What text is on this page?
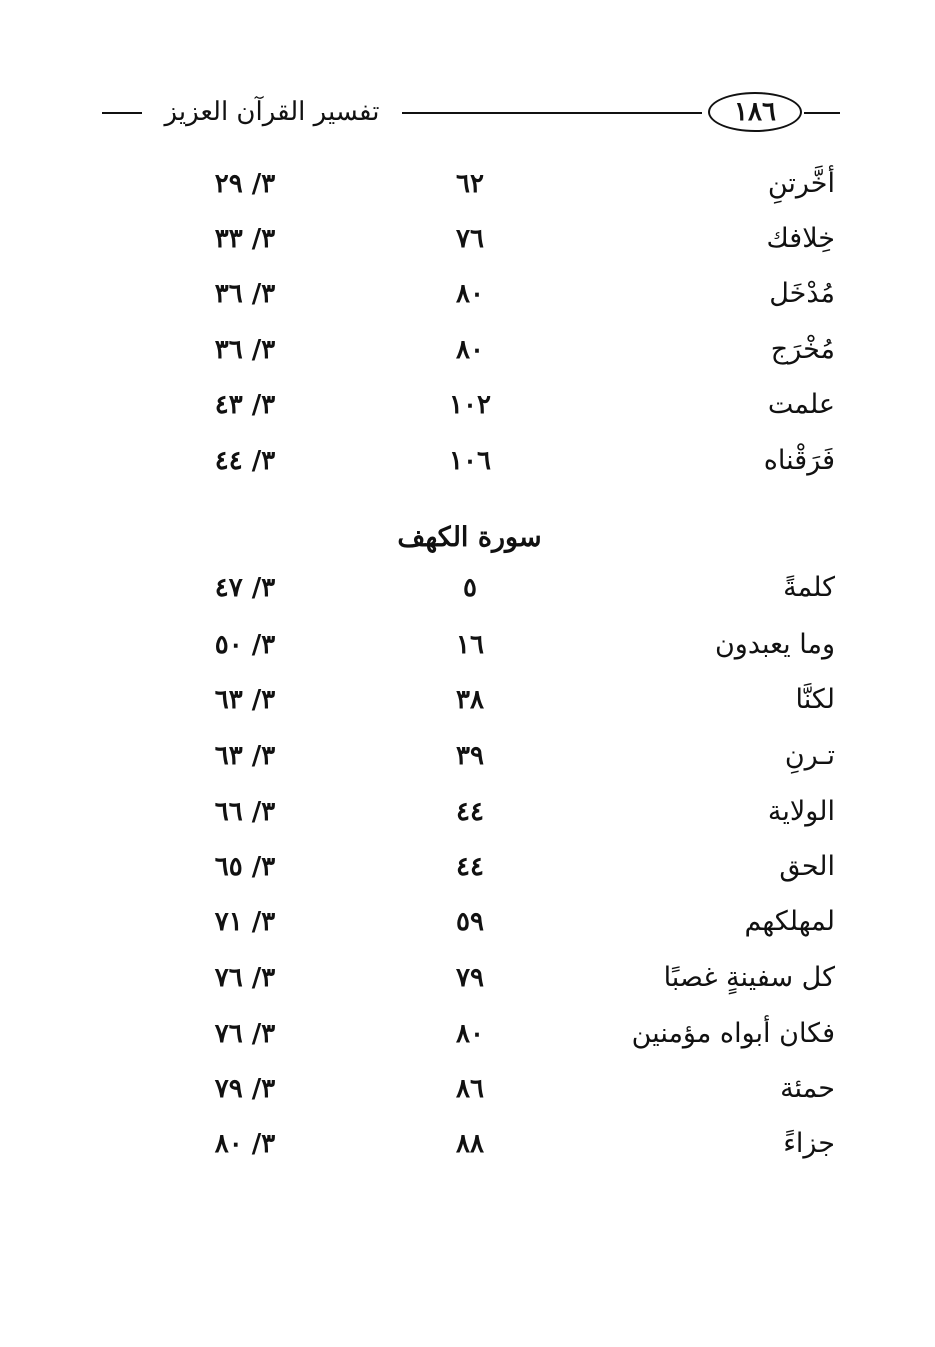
تفسير القرآن العزيز	١٨٦
أخَّرتنِ
٦٢
٣/ ٢٩
خِلافك
٧٦
٣/ ٣٣
مُدْخَل
٨٠
٣/ ٣٦
مُخْرَج
٨٠
٣/ ٣٦
علمت
١٠٢
٣/ ٤٣
فَرَقْناه
١٠٦
٣/ ٤٤
سورة الكهف
كلمةً
٥
٣/ ٤٧
وما يعبدون
١٦
٣/ ٥٠
لكنَّا
٣٨
٣/ ٦٣
تـرنِ
٣٩
٣/ ٦٣
الولاية
٤٤
٣/ ٦٦
الحق
٤٤
٣/ ٦٥
لمهلكهم
٥٩
٣/ ٧١
كل سفينةٍ غصبًا
٧٩
٣/ ٧٦
فكان أبواه مؤمنين
٨٠
٣/ ٧٦
حمئة
٨٦
٣/ ٧٩
جزاءً
٨٨
٣/ ٨٠
